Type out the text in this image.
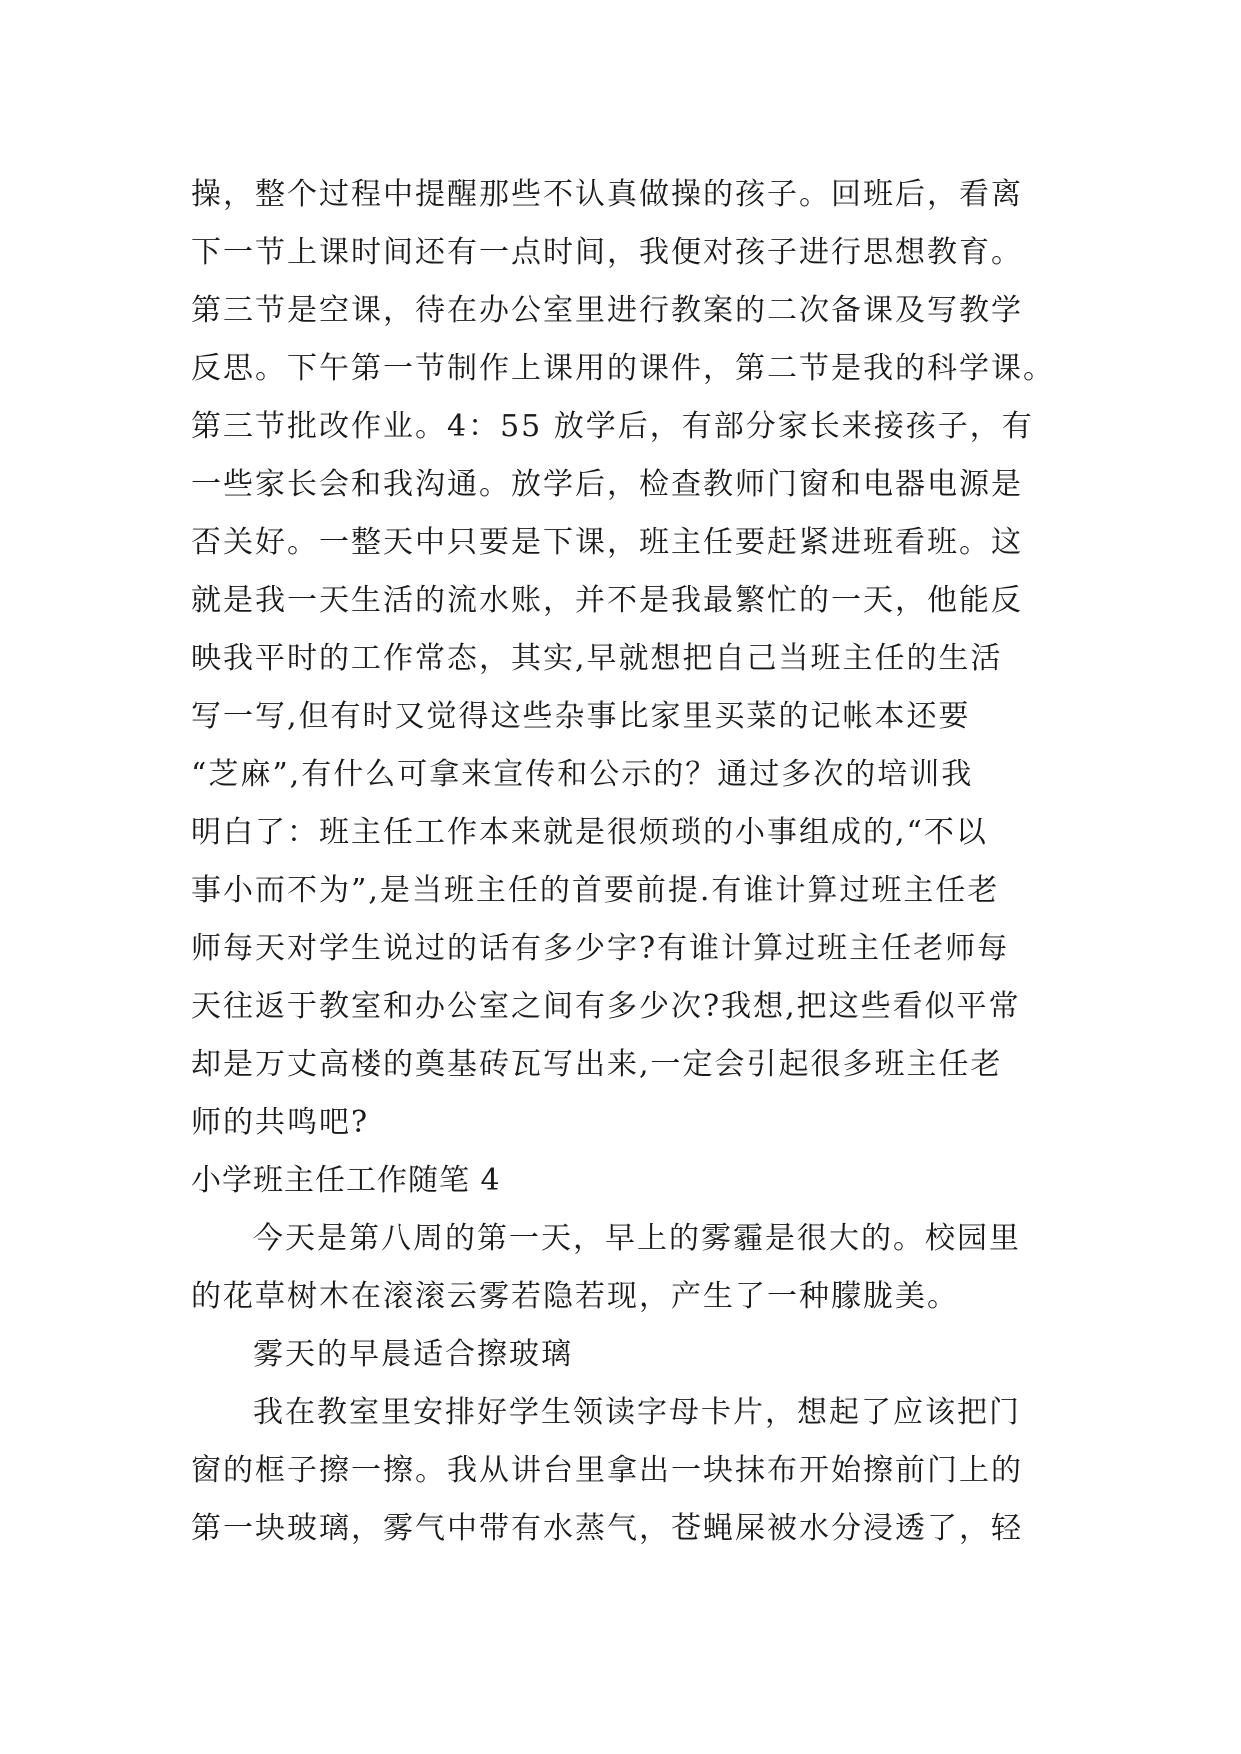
操，整个过程中提醒那些不认真做操的孩子。回班后，看离
下一节上课时间还有一点时间，我便对孩子进行思想教育。
第三节是空课，待在办公室里进行教案的二次备课及写教学
反思。下午第一节制作上课用的课件，第二节是我的科学课。
第三节批改作业。4：55 放学后，有部分家长来接孩子，有
一些家长会和我沟通。放学后，检查教师门窗和电器电源是
否关好。一整天中只要是下课，班主任要赶紧进班看班。这
就是我一天生活的流水账，并不是我最繁忙的一天，他能反
映我平时的工作常态，其实,早就想把自己当班主任的生活
写一写,但有时又觉得这些杂事比家里买菜的记帐本还要
“芝麻”,有什么可拿来宣传和公示的？通过多次的培训我
明白了：班主任工作本来就是很烦琐的小事组成的,“不以
事小而不为”,是当班主任的首要前提.有谁计算过班主任老
师每天对学生说过的话有多少字?有谁计算过班主任老师每
天往返于教室和办公室之间有多少次?我想,把这些看似平常
却是万丈高楼的奠基砖瓦写出来,一定会引起很多班主任老
师的共鸣吧?
小学班主任工作随笔 4
今天是第八周的第一天，早上的雾霾是很大的。校园里
的花草树木在滚滚云雾若隐若现，产生了一种朦胧美。
雾天的早晨适合擦玻璃
我在教室里安排好学生领读字母卡片，想起了应该把门
窗的框子擦一擦。我从讲台里拿出一块抹布开始擦前门上的
第一块玻璃，雾气中带有水蒸气，苍蝇屎被水分浸透了，轻
